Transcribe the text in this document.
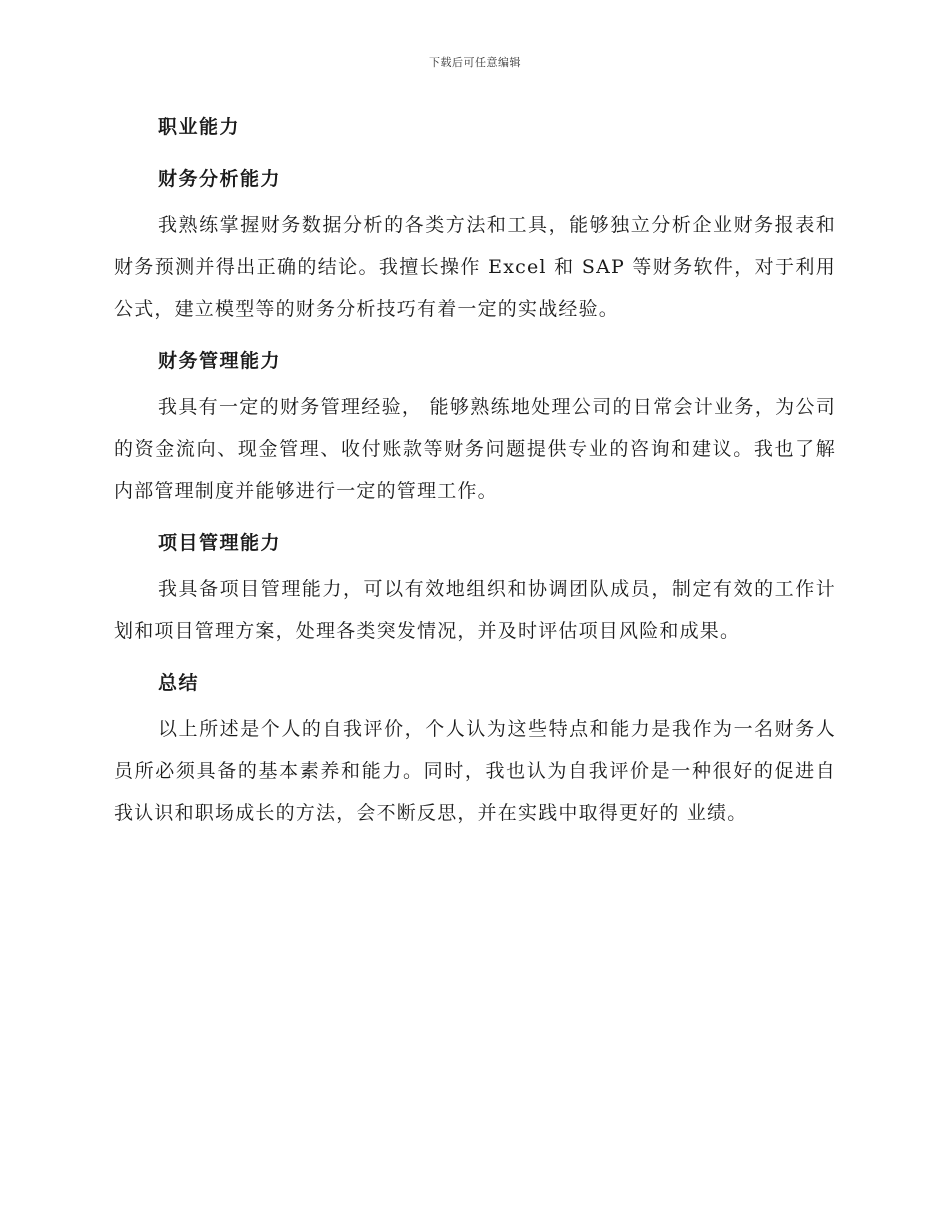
下载后可任意编辑
职业能力
财务分析能力

我熟练掌握财务数据分析的各类方法和工具，能够独立分析企业财务报表和财务预测并得出正确的结论。我擅长操作 Excel 和 SAP 等财务软件，对于利用公式，建立模型等的财务分析技巧有着一定的实战经验。

财务管理能力

我具有一定的财务管理经验， 能够熟练地处理公司的日常会计业务，为公司的资金流向、现金管理、收付账款等财务问题提供专业的咨询和建议。我也了解内部管理制度并能够进行一定的管理工作。

项目管理能力

我具备项目管理能力，可以有效地组织和协调团队成员，制定有效的工作计划和项目管理方案，处理各类突发情况，并及时评估项目风险和成果。

总结

以上所述是个人的自我评价，个人认为这些特点和能力是我作为一名财务人员所必须具备的基本素养和能力。同时，我也认为自我评价是一种很好的促进自我认识和职场成长的方法，会不断反思，并在实践中取得更好的 业绩。
